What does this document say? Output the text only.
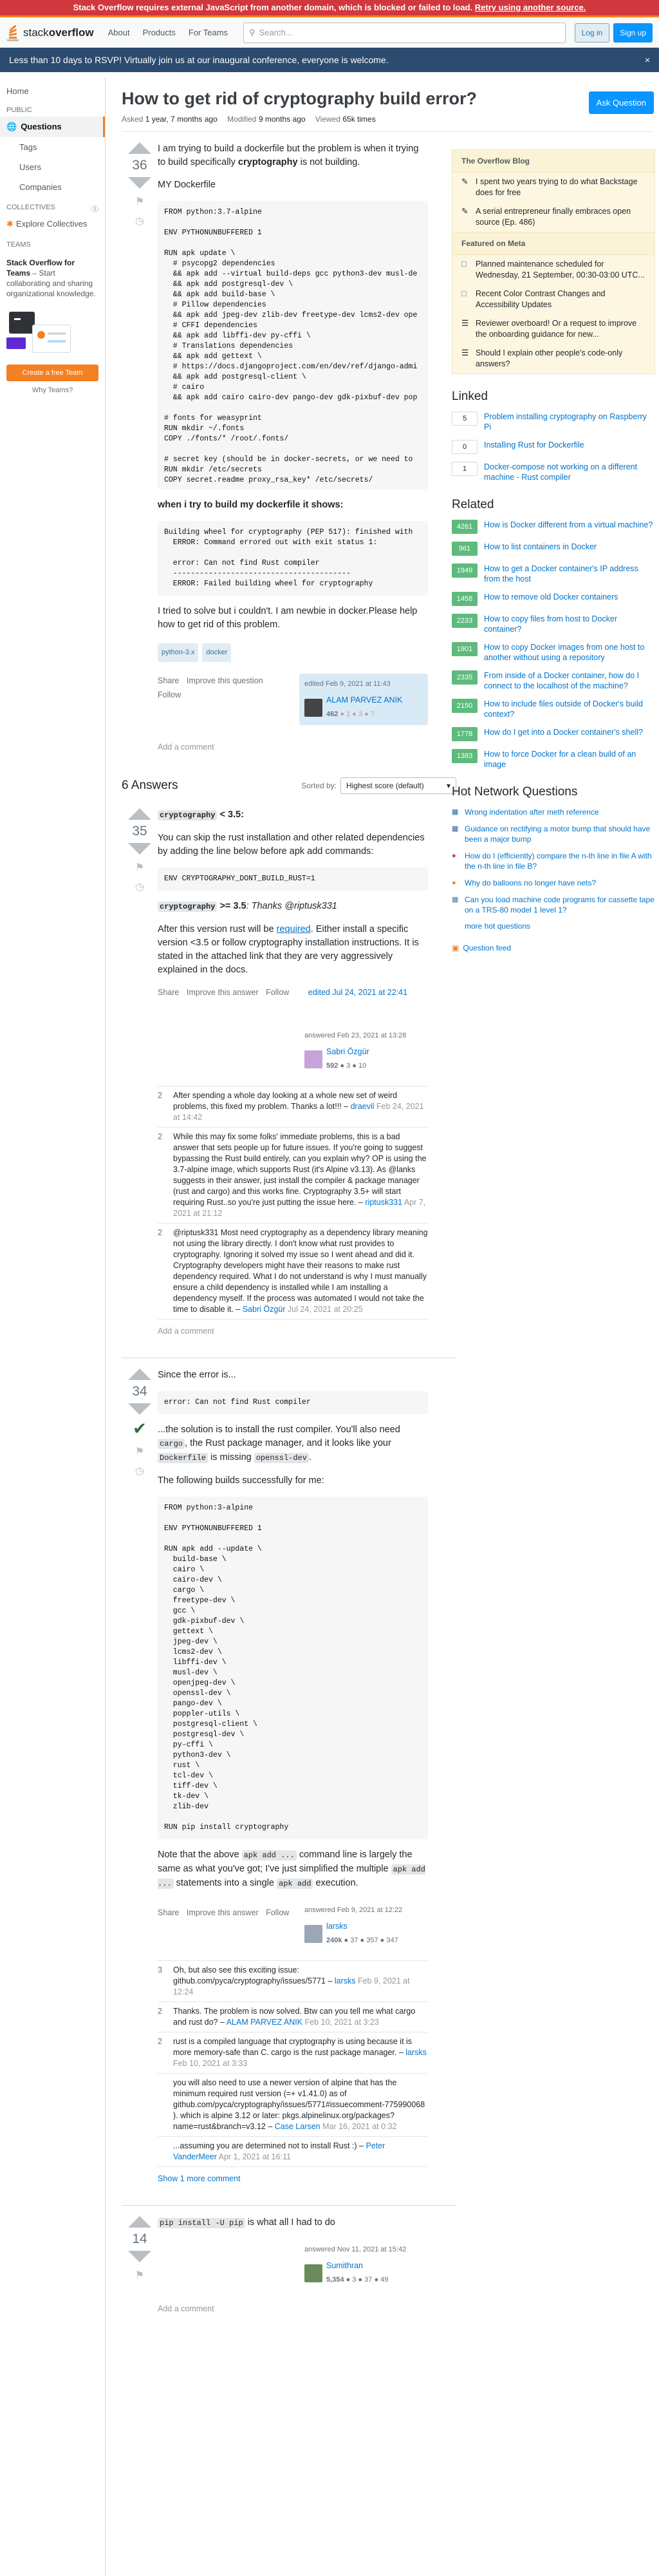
Stack Overflow requires external JavaScript from another domain, which is blocked or failed to load. Retry using another source.
stack overflow About Products For Teams	⚲ Search...	Log in	Sign up
Less than 10 days to RSVP! Virtually join us at our inaugural conference, everyone is welcome.	×
Home
PUBLIC
🌐 Questions
Tags
Users
Companies
COLLECTIVES	Ⓘ
✱ Explore Collectives
TEAMS

Stack Overflow for Teams – Start collaborating and sharing organizational knowledge.

Create a free Team
Why Teams?
How to get rid of cryptography build error?	Ask Question
Asked 1 year, 7 months ago Modified 9 months ago Viewed 65k times
36
⚑
◷

I am trying to build a dockerfile but the problem is when it trying to build specifically cryptography is not building.

MY Dockerfile

FROM python:3.7-alpine

ENV PYTHONUNBUFFERED 1

RUN apk update \
# psycopg2 dependencies
&& apk add --virtual build-deps gcc python3-dev musl-de
&& apk add postgresql-dev \
&& apk add build-base \
# Pillow dependencies
&& apk add jpeg-dev zlib-dev freetype-dev lcms2-dev ope
# CFFI dependencies
&& apk add libffi-dev py-cffi \
# Translations dependencies
&& apk add gettext \
# https://docs.djangoproject.com/en/dev/ref/django-admi
&& apk add postgresql-client \
# cairo
&& apk add cairo cairo-dev pango-dev gdk-pixbuf-dev pop

# fonts for weasyprint
RUN mkdir ~/.fonts
COPY ./fonts/* /root/.fonts/

# secret key (should be in docker-secrets, or we need to
RUN mkdir /etc/secrets
COPY secret.readme proxy_rsa_key* /etc/secrets/

when i try to build my dockerfile it shows:

Building wheel for cryptography (PEP 517): finished with
ERROR: Command errored out with exit status 1:

error: Can not find Rust compiler
----------------------------------------
ERROR: Failed building wheel for cryptography

I tried to solve but i couldn't. I am newbie in docker.Please help how to get rid of this problem.

python-3.x	docker
Share Improve this question
Follow
edited Feb 9, 2021 at 11:43
ALAM PARVEZ ANIK
462 ● 1 ● 3 ● 7
Add a comment
6 Answers	Sorted by:	Highest score (default)	▾
35
⚑
◷

cryptography < 3.5:

You can skip the rust installation and other related dependencies by adding the line below before apk add commands:

ENV CRYPTOGRAPHY_DONT_BUILD_RUST=1

cryptography >= 3.5: Thanks @riptusk331

After this version rust will be required. Either install a specific version <3.5 or follow cryptography installation instructions. It is stated in the attached link that they are very aggressively explained in the docs.

Share Improve this answer Follow edited Jul 24, 2021 at 22:41
answered Feb 23, 2021 at 13:28
Sabri Özgür
592 ● 3 ● 10
2	After spending a whole day looking at a whole new set of weird problems, this fixed my problem. Thanks a lot!!! – draevil Feb 24, 2021 at 14:42
2	While this may fix some folks' immediate problems, this is a bad answer that sets people up for future issues. If you're going to suggest bypassing the Rust build entirely, can you explain why? OP is using the 3.7-alpine image, which supports Rust (it's Alpine v3.13). As @lanks suggests in their answer, just install the compiler & package manager (rust and cargo) and this works fine. Cryptography 3.5+ will start requiring Rust..so you're just putting the issue here. – riptusk331 Apr 7, 2021 at 21:12
2	@riptusk331 Most need cryptography as a dependency library meaning not using the library directly. I don't know what rust provides to cryptography. Ignoring it solved my issue so I went ahead and did it. Cryptography developers might have their reasons to make rust dependency required. What I do not understand is why I must manually ensure a child dependency is installed while I am installing a dependency myself. If the process was automated I would not take the time to disable it. – Sabri Özgür Jul 24, 2021 at 20:25
Add a comment
34
✔
⚑
◷

Since the error is...

error: Can not find Rust compiler

...the solution is to install the rust compiler. You'll also need cargo , the Rust package manager, and it looks like your Dockerfile is missing openssl-dev .

The following builds successfully for me:

FROM python:3-alpine

ENV PYTHONUNBUFFERED 1

RUN apk add --update \
build-base \
cairo \
cairo-dev \
cargo \
freetype-dev \
gcc \
gdk-pixbuf-dev \
gettext \
jpeg-dev \
lcms2-dev \
libffi-dev \
musl-dev \
openjpeg-dev \
openssl-dev \
pango-dev \
poppler-utils \
postgresql-client \
postgresql-dev \
py-cffi \
python3-dev \
rust \
tcl-dev \
tiff-dev \
tk-dev \
zlib-dev

RUN pip install cryptography

Note that the above apk add ... command line is largely the same as what you've got; I've just simplified the multiple apk add ... statements into a single apk add execution.

Share Improve this answer Follow	answered Feb 9, 2021 at 12:22
larsks
240k ● 37 ● 357 ● 347
3	Oh, but also see this exciting issue: github.com/pyca/cryptography/issues/5771 – larsks Feb 9, 2021 at 12:24
2	Thanks. The problem is now solved. Btw can you tell me what cargo and rust do? – ALAM PARVEZ ANIK Feb 10, 2021 at 3:23
2	rust is a compiled language that cryptography is using because it is more memory-safe than C. cargo is the rust package manager. – larsks Feb 10, 2021 at 3:33
you will also need to use a newer version of alpine that has the minimum required rust version (=+ v1.41.0) as of github.com/pyca/cryptography/issues/5771#issuecomment-775990068 ). which is alpine 3.12 or later: pkgs.alpinelinux.org/packages?name=rust&branch=v3.12 – Case Larsen Mar 16, 2021 at 0:32
...assuming you are determined not to install Rust :) – Peter VanderMeer Apr 1, 2021 at 16:11
Show 1 more comment
14
⚑

pip install -U pip is what all I had to do

answered Nov 11, 2021 at 15:42
Sumithran
5,354 ● 3 ● 37 ● 49
Add a comment
The Overflow Blog
✎ I spent two years trying to do what Backstage does for free
✎ A serial entrepreneur finally embraces open source (Ep. 486)
Featured on Meta
□	Planned maintenance scheduled for Wednesday, 21 September, 00:30-03:00 UTC...
□	Recent Color Contrast Changes and Accessibility Updates
☰ Reviewer overboard! Or a request to improve the onboarding guidance for new...
☰ Should I explain other people's code-only answers?
Linked
5	Problem installing cryptography on Raspberry Pi
0	Installing Rust for Dockerfile
1	Docker-compose not working on a different machine - Rust compiler
Related
4261	How is Docker different from a virtual machine?
961	How to list containers in Docker
1949	How to get a Docker container's IP address from the host
1458	How to remove old Docker containers
2233	How to copy files from host to Docker container?
1901	How to copy Docker images from one host to another without using a repository
2335	From inside of a Docker container, how do I connect to the localhost of the machine?
2150	How to include files outside of Docker's build context?
1778	How do I get into a Docker container's shell?
1383	How to force Docker for a clean build of an image
Hot Network Questions
▦ Wrong indentation after meth reference
▦ Guidance on rectifying a motor bump that should have been a major bump
●	How do I (efficiently) compare the n-th line in file A with the n-th line in file B?
●	Why do balloons no longer have nets?
▦ Can you load machine code programs for cassette tape on a TRS-80 model 1 level 1?
more hot questions
▣ Question feed
